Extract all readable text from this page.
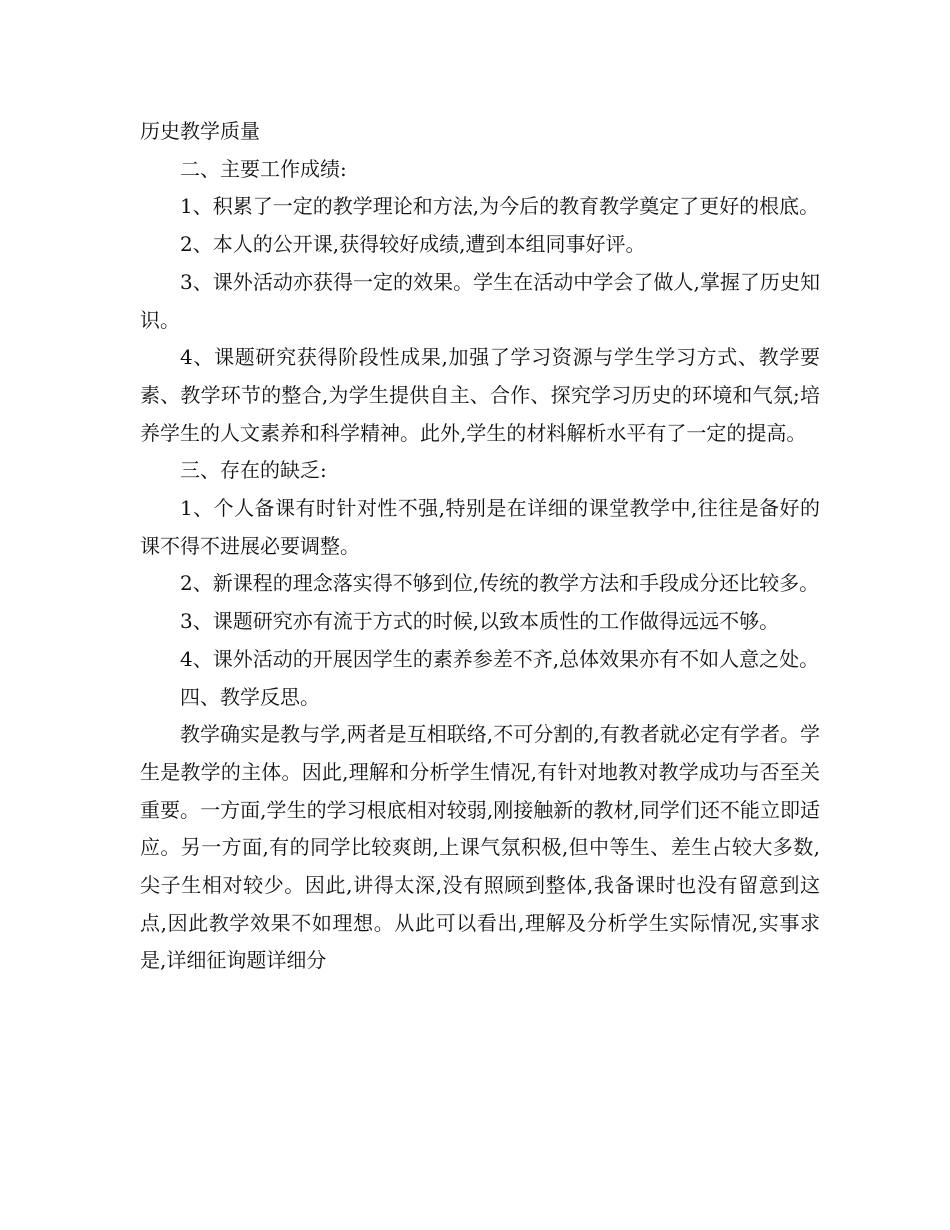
历史教学质量

二、主要工作成绩:

1、积累了一定的教学理论和方法,为今后的教育教学奠定了更好的根底。

2、本人的公开课,获得较好成绩,遭到本组同事好评。

3、课外活动亦获得一定的效果。学生在活动中学会了做人,掌握了历史知识。

4、课题研究获得阶段性成果,加强了学习资源与学生学习方式、教学要素、教学环节的整合,为学生提供自主、合作、探究学习历史的环境和气氛;培养学生的人文素养和科学精神。此外,学生的材料解析水平有了一定的提高。

三、存在的缺乏:

1、个人备课有时针对性不强,特别是在详细的课堂教学中,往往是备好的课不得不进展必要调整。

2、新课程的理念落实得不够到位,传统的教学方法和手段成分还比较多。

3、课题研究亦有流于方式的时候,以致本质性的工作做得远远不够。

4、课外活动的开展因学生的素养参差不齐,总体效果亦有不如人意之处。

四、教学反思。

教学确实是教与学,两者是互相联络,不可分割的,有教者就必定有学者。学生是教学的主体。因此,理解和分析学生情况,有针对地教对教学成功与否至关重要。一方面,学生的学习根底相对较弱,刚接触新的教材,同学们还不能立即适应。另一方面,有的同学比较爽朗,上课气氛积极,但中等生、差生占较大多数,尖子生相对较少。因此,讲得太深,没有照顾到整体,我备课时也没有留意到这点,因此教学效果不如理想。从此可以看出,理解及分析学生实际情况,实事求是,详细征询题详细分
